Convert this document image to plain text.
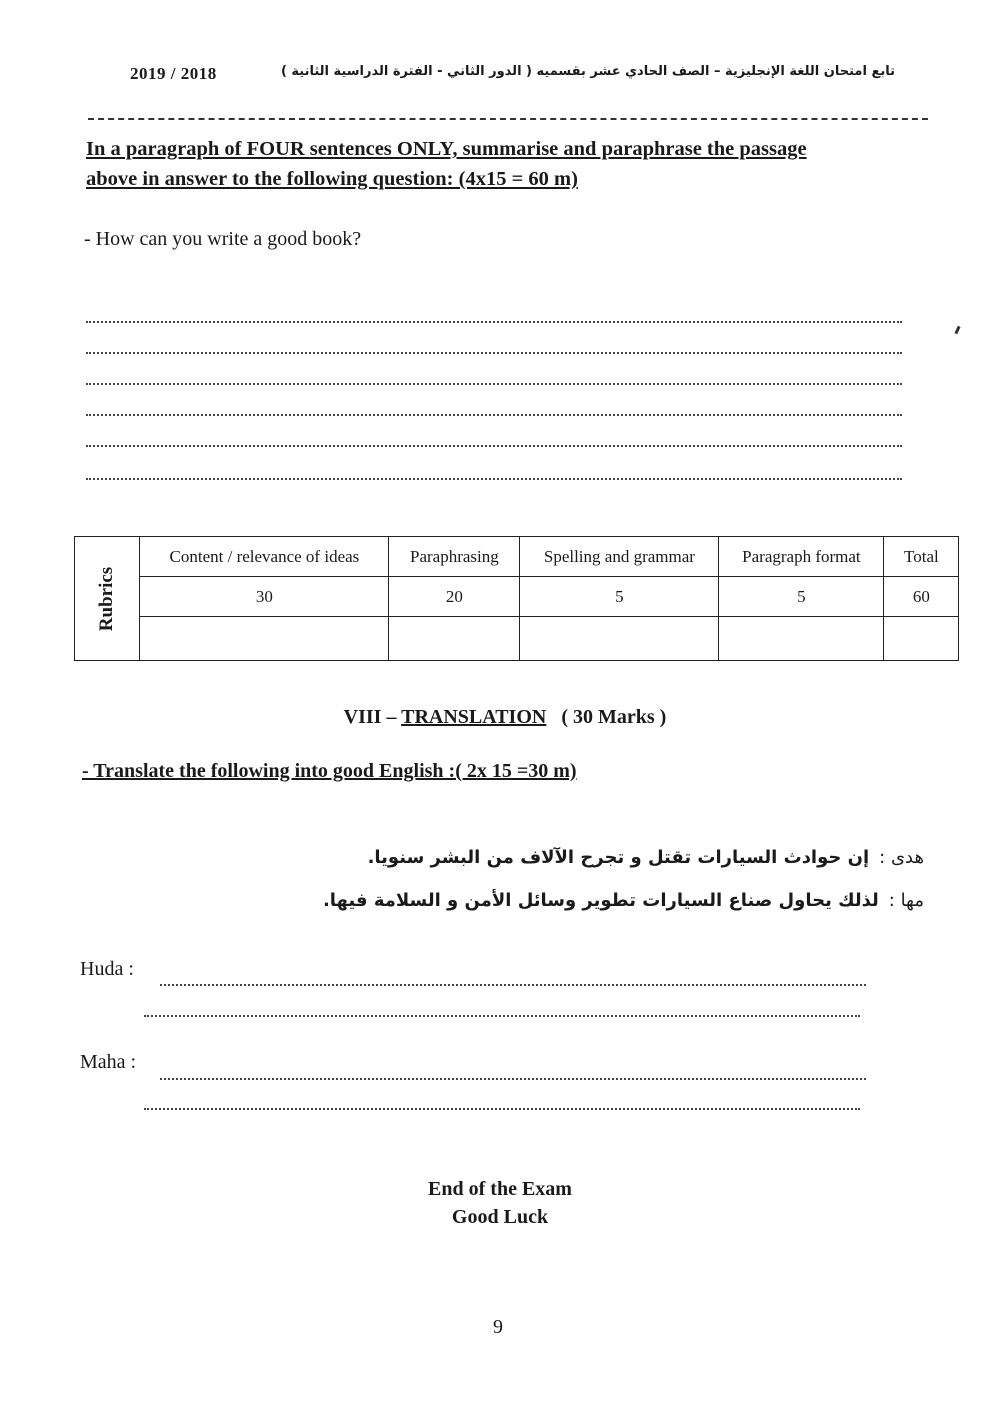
2019 / 2018	تابع امتحان اللغة الإنجليزية – الصف الحادي عشر بقسميه ( الدور الثاني - الفترة الدراسية الثانية )
In a paragraph of FOUR sentences ONLY, summarise and paraphrase the passage
above in answer to the following question: (4x15 = 60 m)
- How can you write a good book?
Rubrics	Content / relevance of ideas	Paraphrasing	Spelling and grammar	Paragraph format	Total
	30	20	5	5	60

VIII – TRANSLATION ( 30 Marks )
- Translate the following into good English :( 2x 15 =30 m)
هدى :إن حوادث السيارات تقتل و تجرح الآلاف من البشر سنويا.
مها :لذلك يحاول صناع السيارات تطوير وسائل الأمن و السلامة فيها.
Huda :
Maha :
End of the Exam
Good Luck
9
